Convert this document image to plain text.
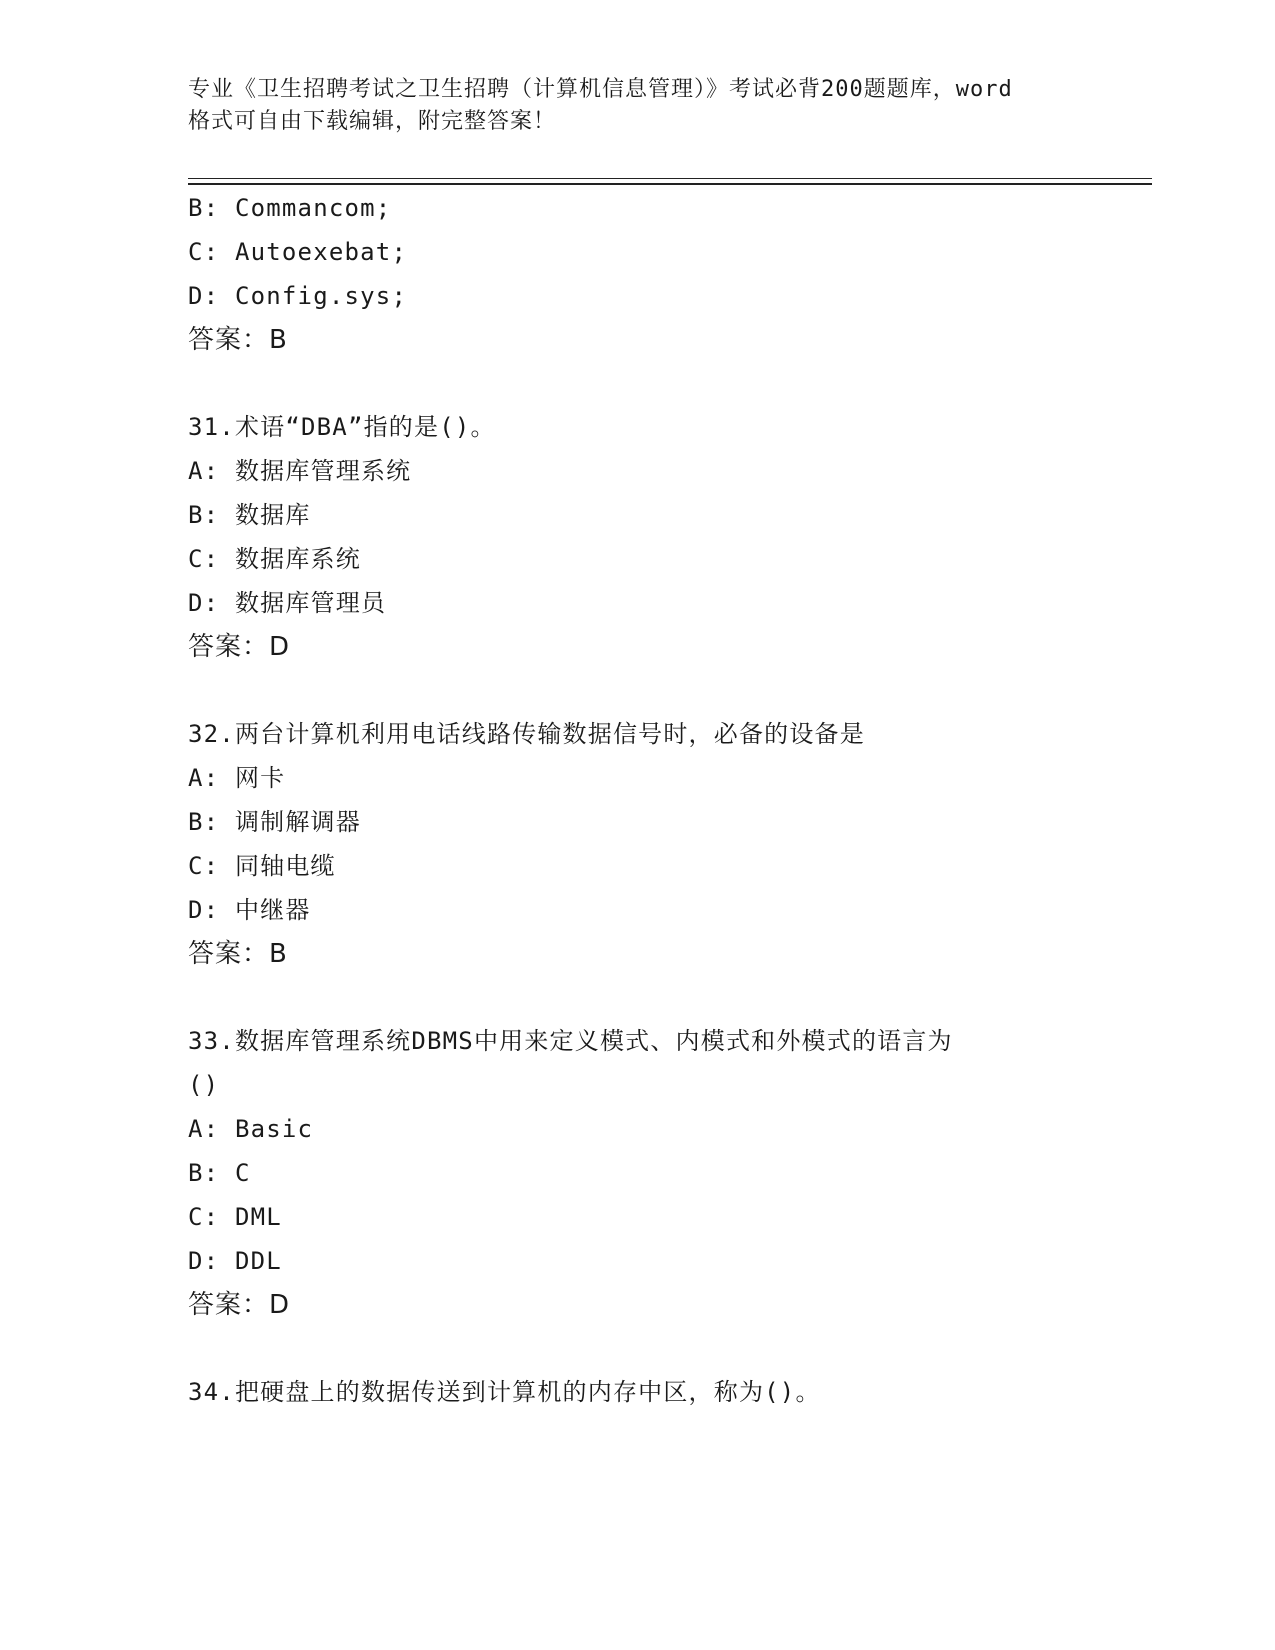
专业《卫生招聘考试之卫生招聘（计算机信息管理）》考试必背200题题库，word
格式可自由下载编辑，附完整答案！
B: Commancom;
C: Autoexebat;
D: Config.sys;
答案：B
31.术语“DBA”指的是()。
A: 数据库管理系统
B: 数据库
C: 数据库系统
D: 数据库管理员
答案：D
32.两台计算机利用电话线路传输数据信号时，必备的设备是
A: 网卡
B: 调制解调器
C: 同轴电缆
D: 中继器
答案：B
33.数据库管理系统DBMS中用来定义模式、内模式和外模式的语言为
()
A: Basic
B: C
C: DML
D: DDL
答案：D
34.把硬盘上的数据传送到计算机的内存中区，称为()。
